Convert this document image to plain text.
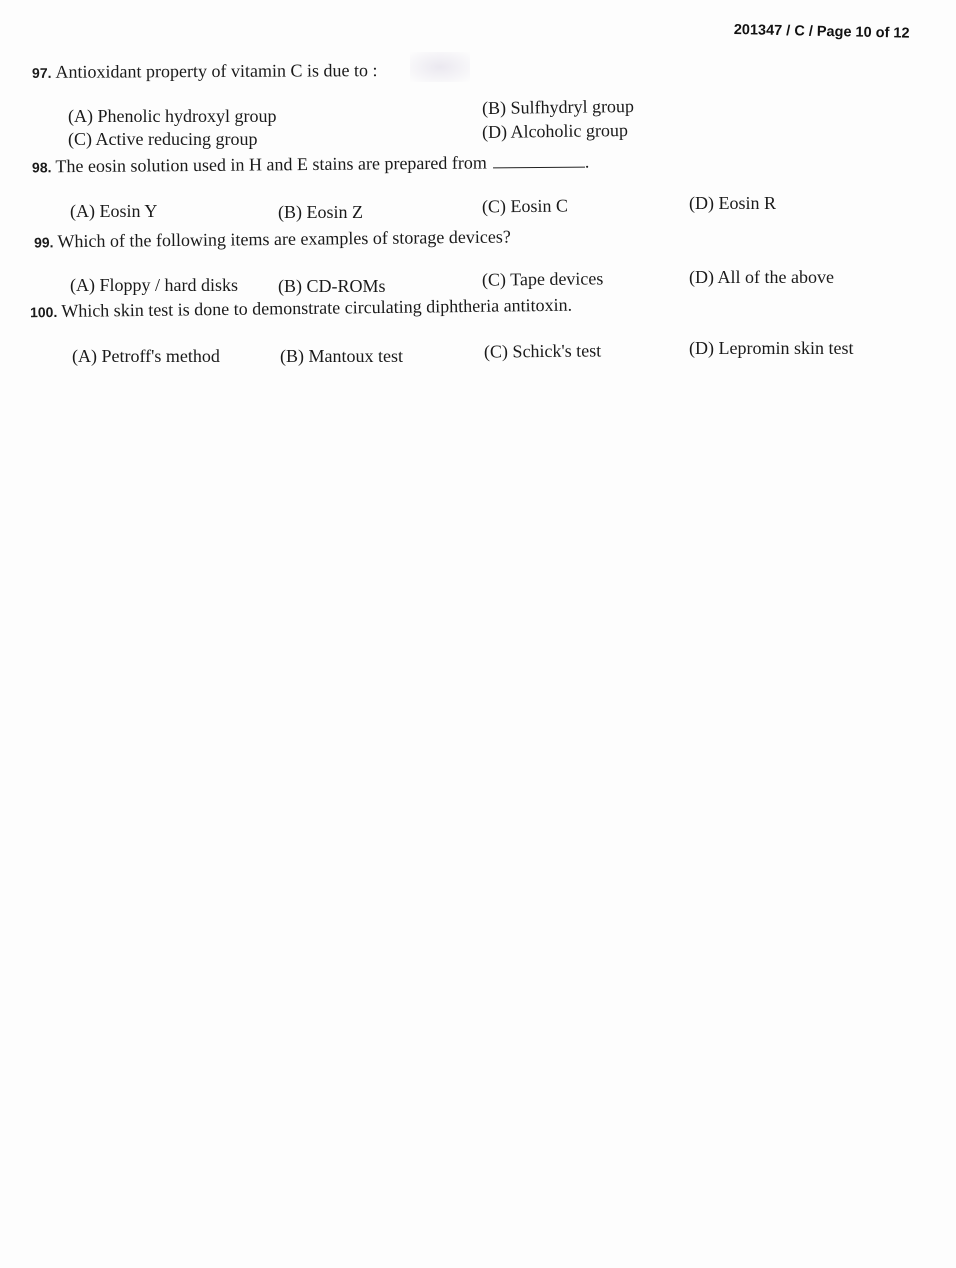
201347 / C / Page 10 of 12
97. Antioxidant property of vitamin C is due to :
(A) Phenolic hydroxyl group	(B) Sulfhydryl group
(C) Active reducing group	(D) Alcoholic group
98. The eosin solution used in H and E stains are prepared from	.
(A) Eosin Y	(B) Eosin Z	(C) Eosin C	(D) Eosin R
99. Which of the following items are examples of storage devices?
(A) Floppy / hard disks (B) CD-ROMs	(C) Tape devices	(D) All of the above
100. Which skin test is done to demonstrate circulating diphtheria antitoxin.
(A) Petroff's method	(B) Mantoux test	(C) Schick's test	(D) Lepromin skin test
